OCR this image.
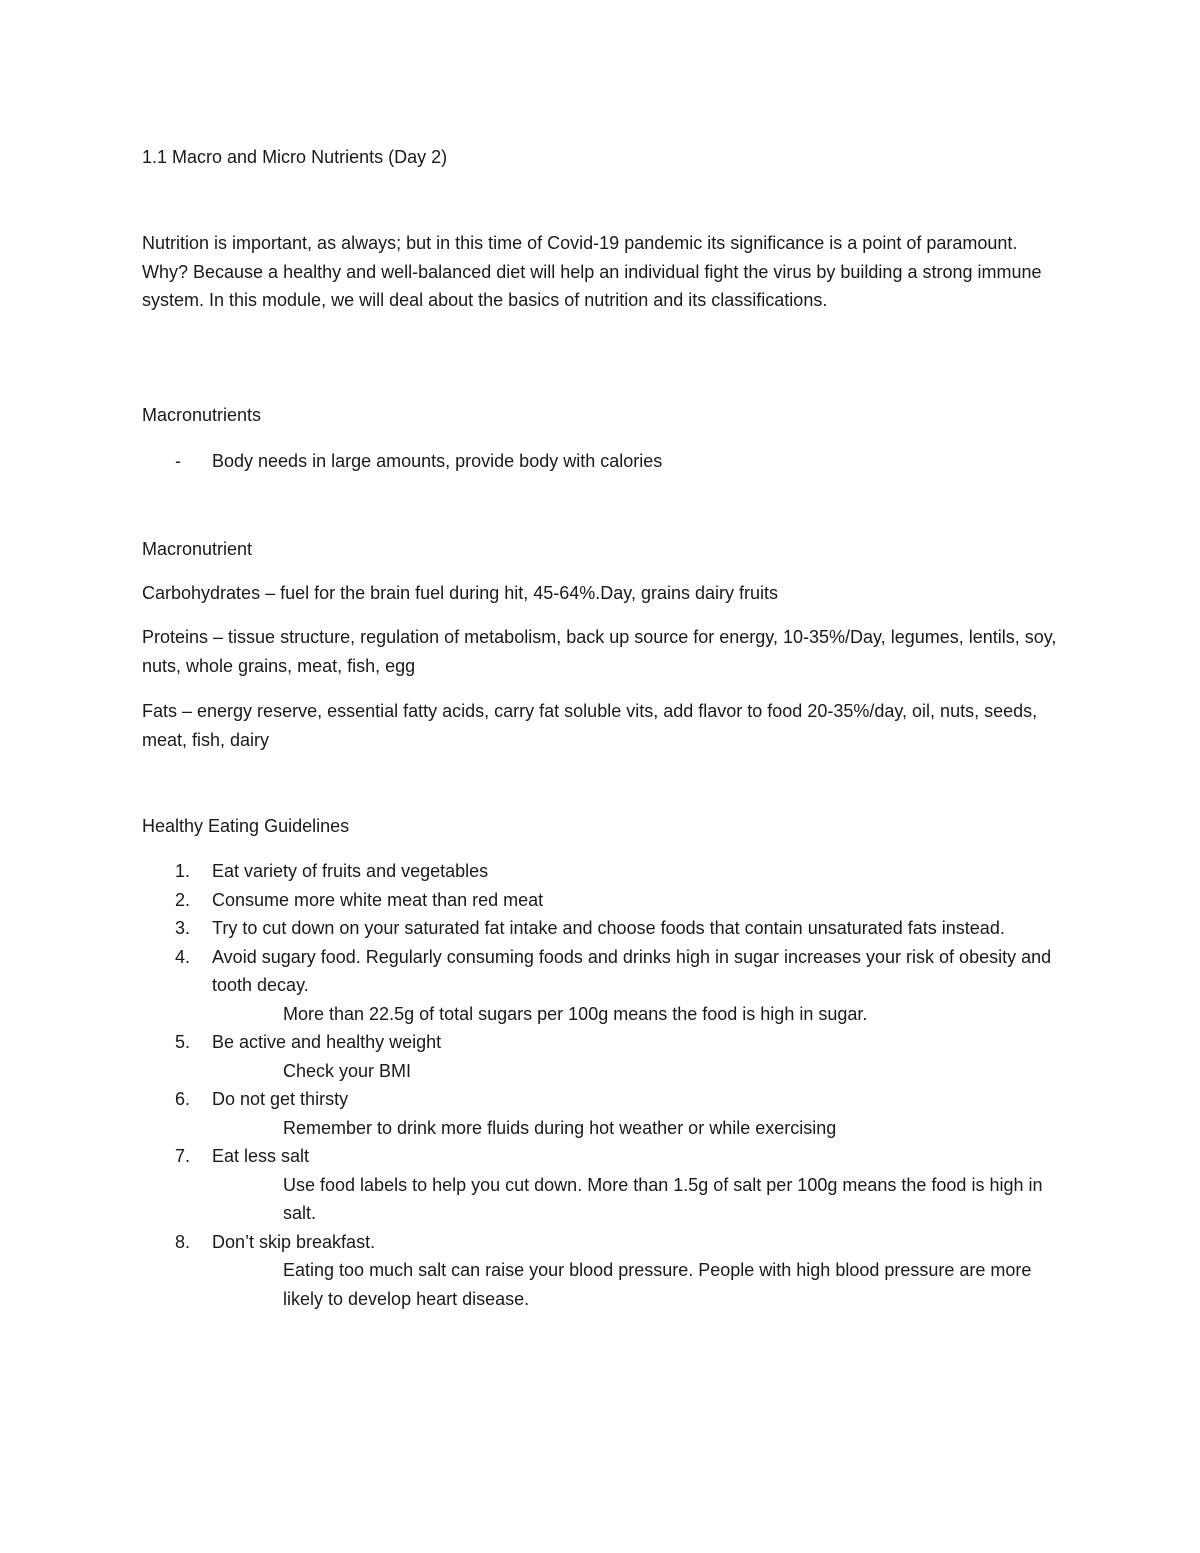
1.1 Macro and Micro Nutrients (Day 2)

Nutrition is important, as always; but in this time of Covid-19 pandemic its significance is a point of paramount. Why? Because a healthy and well-balanced diet will help an individual fight the virus by building a strong immune system. In this module, we will deal about the basics of nutrition and its classifications.

Macronutrients
- Body needs in large amounts, provide body with calories
Macronutrient

Carbohydrates – fuel for the brain fuel during hit, 45-64%.Day, grains dairy fruits

Proteins – tissue structure, regulation of metabolism, back up source for energy, 10-35%/Day, legumes, lentils, soy, nuts, whole grains, meat, fish, egg

Fats – energy reserve, essential fatty acids, carry fat soluble vits, add flavor to food 20-35%/day, oil, nuts, seeds, meat, fish, dairy

Healthy Eating Guidelines
1. Eat variety of fruits and vegetables
2. Consume more white meat than red meat
3. Try to cut down on your saturated fat intake and choose foods that contain unsaturated fats instead.
4. Avoid sugary food. Regularly consuming foods and drinks high in sugar increases your risk of obesity and tooth decay.
More than 22.5g of total sugars per 100g means the food is high in sugar.
5. Be active and healthy weight
Check your BMI
6. Do not get thirsty
Remember to drink more fluids during hot weather or while exercising
7. Eat less salt
Use food labels to help you cut down. More than 1.5g of salt per 100g means the food is high in salt.
8. Don’t skip breakfast.
Eating too much salt can raise your blood pressure. People with high blood pressure are more likely to develop heart disease.
